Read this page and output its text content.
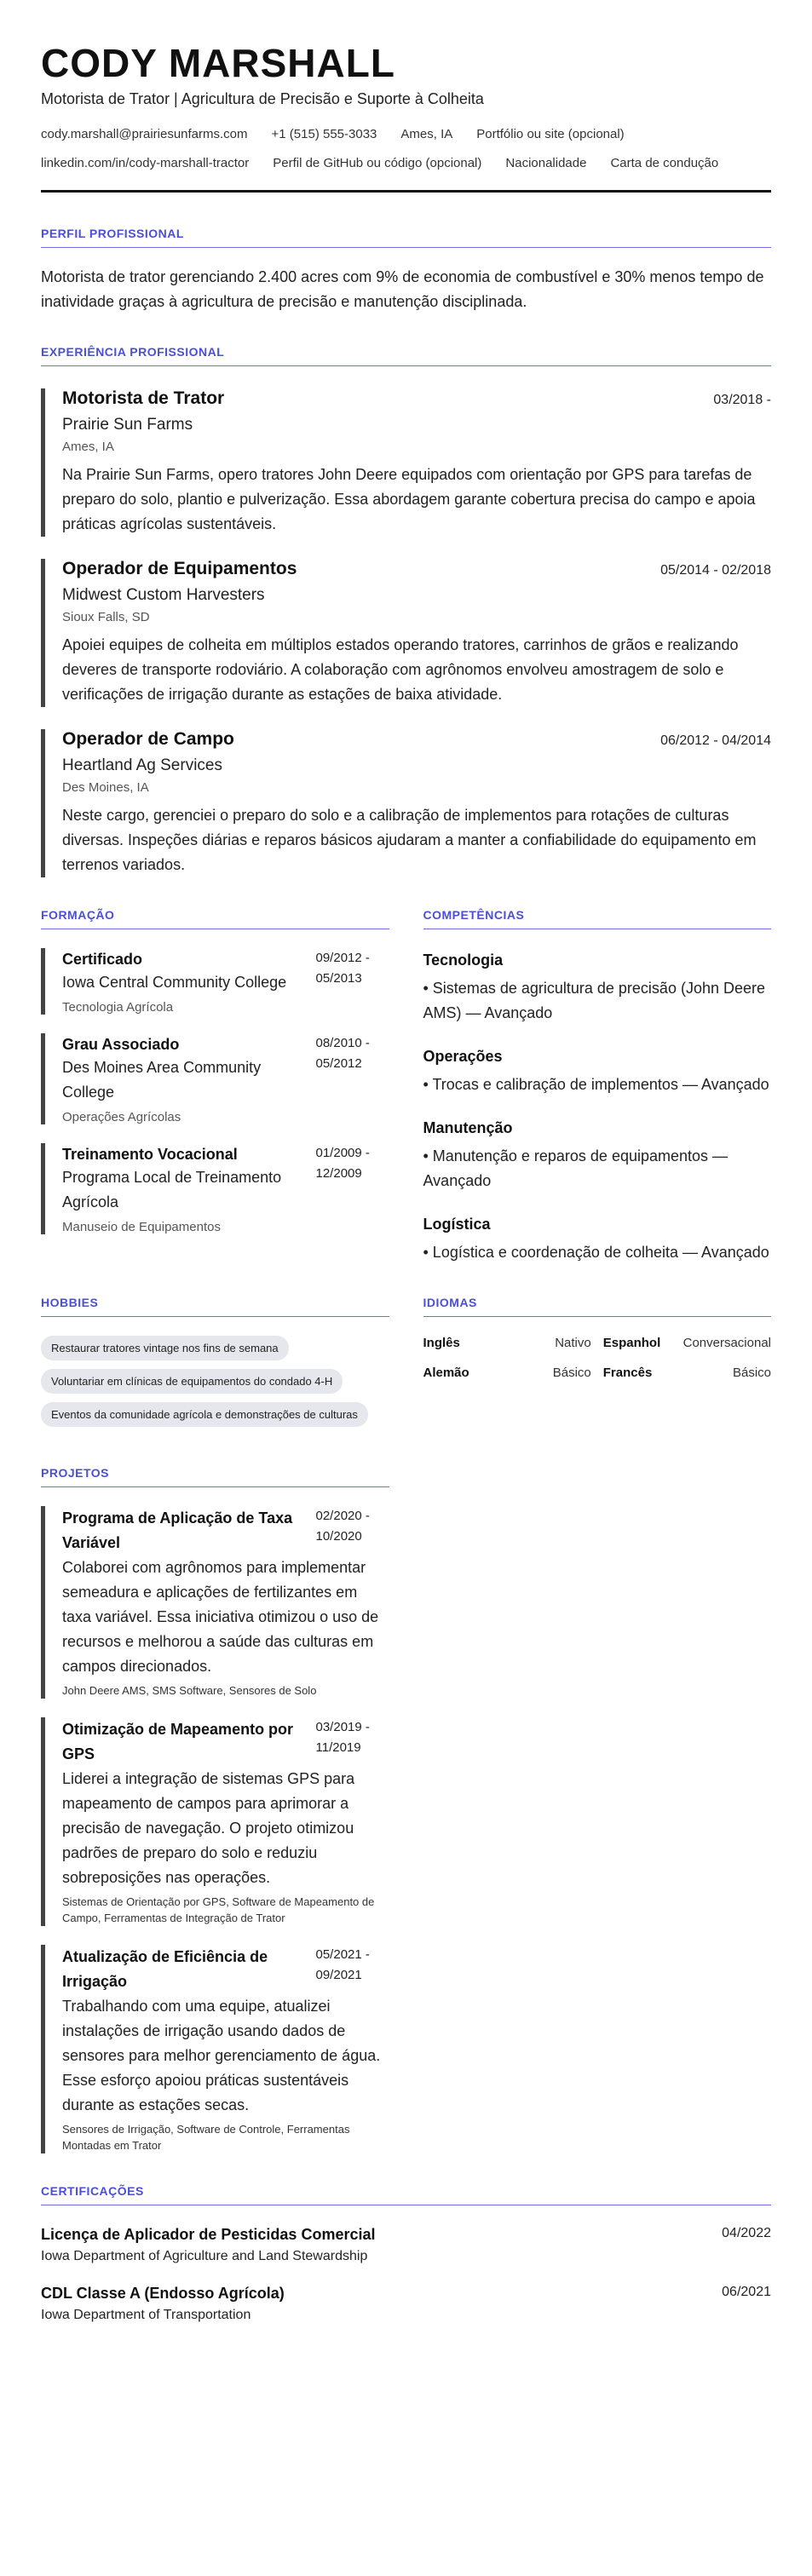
CODY MARSHALL
Motorista de Trator | Agricultura de Precisão e Suporte à Colheita
cody.marshall@prairiesunfarms.com +1 (515) 555-3033 Ames, IA Portfólio ou site (opcional)
linkedin.com/in/cody-marshall-tractor Perfil de GitHub ou código (opcional) Nacionalidade Carta de condução
PERFIL PROFISSIONAL

Motorista de trator gerenciando 2.400 acres com 9% de economia de combustível e 30% menos tempo de inatividade graças à agricultura de precisão e manutenção disciplinada.

EXPERIÊNCIA PROFISSIONAL
Motorista de Trator	03/2018 -
Prairie Sun Farms
Ames, IA

Na Prairie Sun Farms, opero tratores John Deere equipados com orientação por GPS para tarefas de preparo do solo, plantio e pulverização. Essa abordagem garante cobertura precisa do campo e apoia práticas agrícolas sustentáveis.

Operador de Equipamentos	05/2014 - 02/2018
Midwest Custom Harvesters
Sioux Falls, SD

Apoiei equipes de colheita em múltiplos estados operando tratores, carrinhos de grãos e realizando deveres de transporte rodoviário. A colaboração com agrônomos envolveu amostragem de solo e verificações de irrigação durante as estações de baixa atividade.

Operador de Campo	06/2012 - 04/2014
Heartland Ag Services
Des Moines, IA

Neste cargo, gerenciei o preparo do solo e a calibração de implementos para rotações de culturas diversas. Inspeções diárias e reparos básicos ajudaram a manter a confiabilidade do equipamento em terrenos variados.

FORMAÇÃO
Certificado
Iowa Central Community College
09/2012 - 05/2013
Tecnologia Agrícola
Grau Associado
Des Moines Area Community College
08/2010 - 05/2012
Operações Agrícolas
Treinamento Vocacional
Programa Local de Treinamento Agrícola
01/2009 - 12/2009
Manuseio de Equipamentos
COMPETÊNCIAS
Tecnologia
• Sistemas de agricultura de precisão (John Deere AMS) — Avançado
Operações
• Trocas e calibração de implementos — Avançado
Manutenção
• Manutenção e reparos de equipamentos — Avançado
Logística
• Logística e coordenação de colheita — Avançado
HOBBIES
Restaurar tratores vintage nos fins de semana
Voluntariar em clínicas de equipamentos do condado 4-H
Eventos da comunidade agrícola e demonstrações de culturas
IDIOMAS
Inglês	Nativo Espanhol Conversacional
Alemão	Básico Francês	Básico
PROJETOS
Programa de Aplicação de Taxa Variável
02/2020 - 10/2020

Colaborei com agrônomos para implementar semeadura e aplicações de fertilizantes em taxa variável. Essa iniciativa otimizou o uso de recursos e melhorou a saúde das culturas em campos direcionados.

John Deere AMS, SMS Software, Sensores de Solo
Otimização de Mapeamento por GPS
03/2019 - 11/2019

Liderei a integração de sistemas GPS para mapeamento de campos para aprimorar a precisão de navegação. O projeto otimizou padrões de preparo do solo e reduziu sobreposições nas operações.

Sistemas de Orientação por GPS, Software de Mapeamento de Campo, Ferramentas de Integração de Trator
Atualização de Eficiência de Irrigação
05/2021 - 09/2021

Trabalhando com uma equipe, atualizei instalações de irrigação usando dados de sensores para melhor gerenciamento de água. Esse esforço apoiou práticas sustentáveis durante as estações secas.

Sensores de Irrigação, Software de Controle, Ferramentas Montadas em Trator
CERTIFICAÇÕES
Licença de Aplicador de Pesticidas Comercial	04/2022
Iowa Department of Agriculture and Land Stewardship
CDL Classe A (Endosso Agrícola)	06/2021
Iowa Department of Transportation
